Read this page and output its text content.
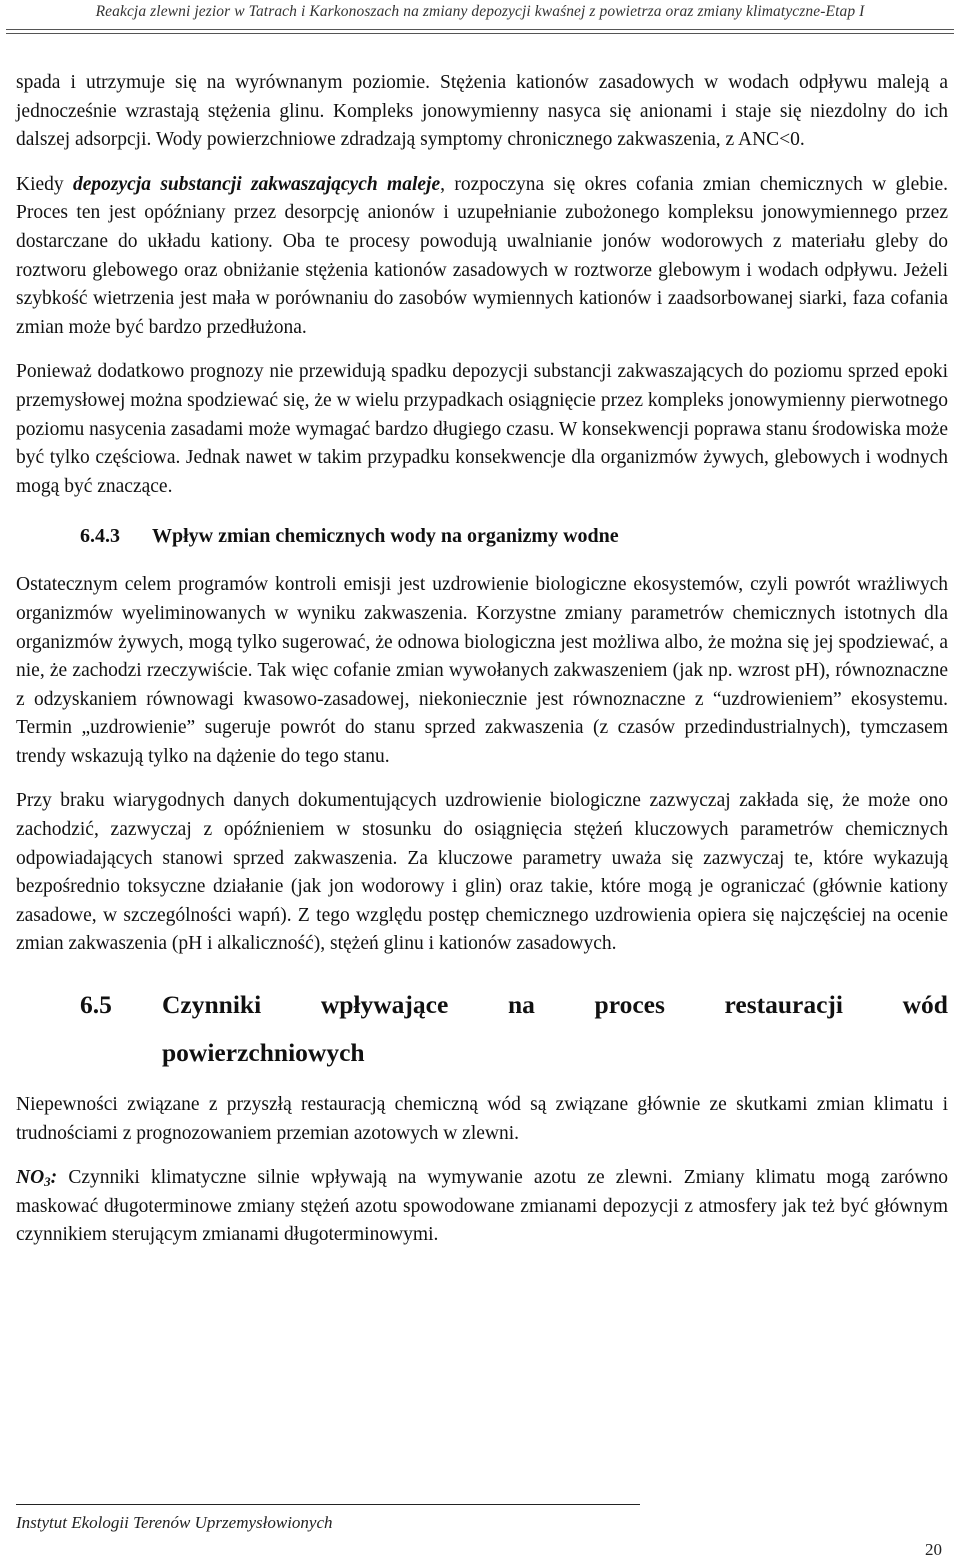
Reakcja zlewni jezior w Tatrach i Karkonoszach na zmiany depozycji kwaśnej z powietrza oraz zmiany klimatyczne-Etap I

spada i utrzymuje się na wyrównanym poziomie. Stężenia kationów zasadowych w wodach odpływu maleją a jednocześnie wzrastają stężenia glinu. Kompleks jonowymienny nasyca się anionami i staje się niezdolny do ich dalszej adsorpcji. Wody powierzchniowe zdradzają symptomy chronicznego zakwaszenia, z ANC<0.

Kiedy depozycja substancji zakwaszających maleje, rozpoczyna się okres cofania zmian chemicznych w glebie. Proces ten jest opóźniany przez desorpcję anionów i uzupełnianie zubożonego kompleksu jonowymiennego przez dostarczane do układu kationy. Oba te procesy powodują uwalnianie jonów wodorowych z materiału gleby do roztworu glebowego oraz obniżanie stężenia kationów zasadowych w roztworze glebowym i wodach odpływu. Jeżeli szybkość wietrzenia jest mała w porównaniu do zasobów wymiennych kationów i zaadsorbowanej siarki, faza cofania zmian może być bardzo przedłużona.

Ponieważ dodatkowo prognozy nie przewidują spadku depozycji substancji zakwaszających do poziomu sprzed epoki przemysłowej można spodziewać się, że w wielu przypadkach osiągnięcie przez kompleks jonowymienny pierwotnego poziomu nasycenia zasadami może wymagać bardzo długiego czasu. W konsekwencji poprawa stanu środowiska może być tylko częściowa. Jednak nawet w takim przypadku konsekwencje dla organizmów żywych, glebowych i wodnych mogą być znaczące.

6.4.3 Wpływ zmian chemicznych wody na organizmy wodne

Ostatecznym celem programów kontroli emisji jest uzdrowienie biologiczne ekosystemów, czyli powrót wrażliwych organizmów wyeliminowanych w wyniku zakwaszenia. Korzystne zmiany parametrów chemicznych istotnych dla organizmów żywych, mogą tylko sugerować, że odnowa biologiczna jest możliwa albo, że można się jej spodziewać, a nie, że zachodzi rzeczywiście. Tak więc cofanie zmian wywołanych zakwaszeniem (jak np. wzrost pH), równoznaczne z odzyskaniem równowagi kwasowo-zasadowej, niekoniecznie jest równoznaczne z “uzdrowieniem” ekosystemu. Termin „uzdrowienie” sugeruje powrót do stanu sprzed zakwaszenia (z czasów przedindustrialnych), tymczasem trendy wskazują tylko na dążenie do tego stanu.

Przy braku wiarygodnych danych dokumentujących uzdrowienie biologiczne zazwyczaj zakłada się, że może ono zachodzić, zazwyczaj z opóźnieniem w stosunku do osiągnięcia stężeń kluczowych parametrów chemicznych odpowiadających stanowi sprzed zakwaszenia. Za kluczowe parametry uważa się zazwyczaj te, które wykazują bezpośrednio toksyczne działanie (jak jon wodorowy i glin) oraz takie, które mogą je ograniczać (głównie kationy zasadowe, w szczególności wapń). Z tego względu postęp chemicznego uzdrowienia opiera się najczęściej na ocenie zmian zakwaszenia (pH i alkaliczność), stężeń glinu i kationów zasadowych.

6.5	Czynniki wpływające na proces restauracji wód
powierzchniowych

Niepewności związane z przyszłą restauracją chemiczną wód są związane głównie ze skutkami zmian klimatu i trudnościami z prognozowaniem przemian azotowych w zlewni.

$NO_3$: Czynniki klimatyczne silnie wpływają na wymywanie azotu ze zlewni. Zmiany klimatu mogą zarówno maskować długoterminowe zmiany stężeń azotu spowodowane zmianami depozycji z atmosfery jak też być głównym czynnikiem sterującym zmianami długoterminowymi.

Instytut Ekologii Terenów Uprzemysłowionych
20
